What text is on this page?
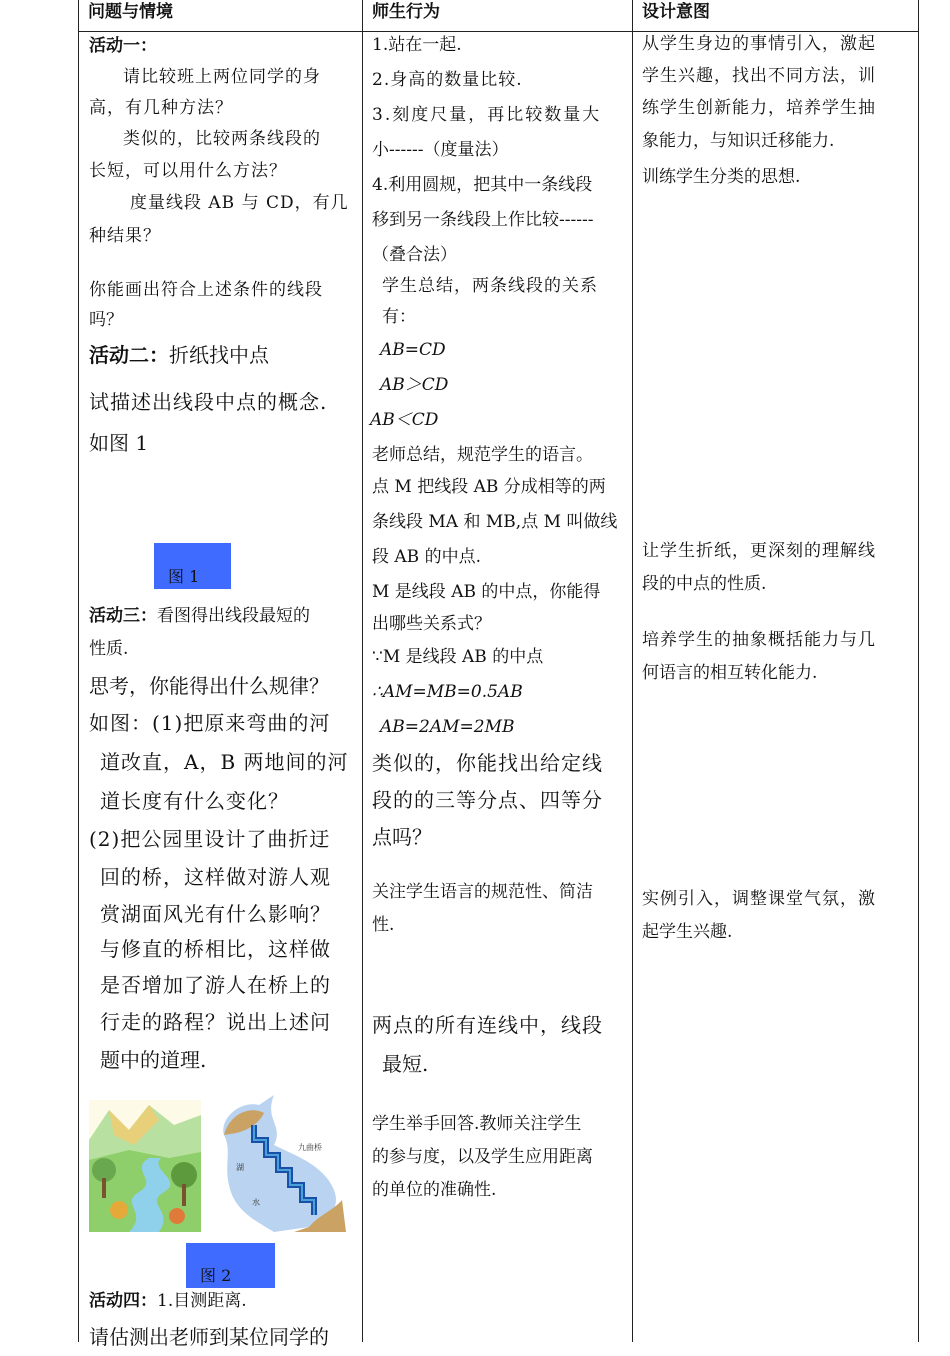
问题与情境	师生行为	设计意图

活动一：

请比较班上两位同学的身

高，有几种方法？

类似的，比较两条线段的

长短，可以用什么方法？

度量线段 AB 与 CD，有几

种结果？

你能画出符合上述条件的线段

吗？

活动二：折纸找中点

试描述出线段中点的概念.

如图 1

图 1

活动三：看图得出线段最短的

性质.

思考，你能得出什么规律？

如图：(1)把原来弯曲的河

道改直，A，B 两地间的河

道长度有什么变化？

(2)把公园里设计了曲折迂

回的桥，这样做对游人观

赏湖面风光有什么影响？

与修直的桥相比，这样做

是否增加了游人在桥上的

行走的路程？说出上述问

题中的道理.

九曲桥
湖
水
图 2

活动四：1.目测距离.

请估测出老师到某位同学的

1.站在一起.

2.身高的数量比较.

3.刻度尺量，再比较数量大

小------（度量法）

4.利用圆规，把其中一条线段

移到另一条线段上作比较------

（叠合法）

学生总结，两条线段的关系

有：

AB=CD

AB＞CD

AB＜CD

老师总结，规范学生的语言。

点 M 把线段 AB 分成相等的两

条线段 MA 和 MB,点 M 叫做线

段 AB 的中点.

M 是线段 AB 的中点，你能得

出哪些关系式？

∵M 是线段 AB 的中点

∴AM=MB=0.5AB

AB=2AM=2MB

类似的，你能找出给定线

段的的三等分点、四等分

点吗？

关注学生语言的规范性、简洁

性.

两点的所有连线中，线段

最短.

学生举手回答.教师关注学生

的参与度，以及学生应用距离

的单位的准确性.

从学生身边的事情引入，激起

学生兴趣，找出不同方法，训

练学生创新能力，培养学生抽

象能力，与知识迁移能力.

训练学生分类的思想.

让学生折纸，更深刻的理解线

段的中点的性质.

培养学生的抽象概括能力与几

何语言的相互转化能力.

实例引入，调整课堂气氛，激

起学生兴趣.
